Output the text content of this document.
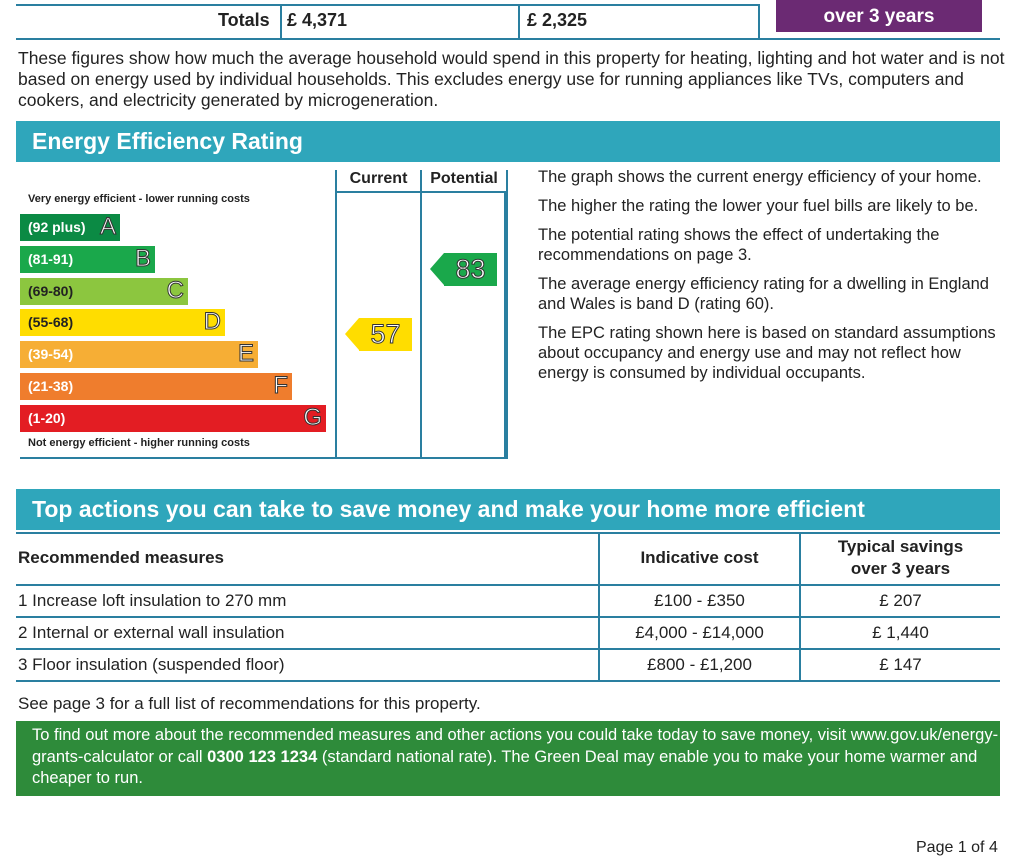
Totals £ 4,371	£ 2,325	over 3 years
These figures show how much the average household would spend in this property for heating, lighting and hot water and is not based on energy used by individual households. This excludes energy use for running appliances like TVs, computers and cookers, and electricity generated by microgeneration.
Energy Efficiency Rating
Current	Potential
Very energy efficient - lower running costs
Not energy efficient - higher running costs
(92 plus) A
(81-91)	B
(69-80)	C
(55-68)	D
(39-54)	E
(21-38)	F
(1-20)	G
57
83

The graph shows the current energy efficiency of your home.

The higher the rating the lower your fuel bills are likely to be.

The potential rating shows the effect of undertaking the recommendations on page 3.

The average energy efficiency rating for a dwelling in England and Wales is band D (rating 60).

The EPC rating shown here is based on standard assumptions about occupancy and energy use and may not reflect how energy is consumed by individual occupants.

Top actions you can take to save money and make your home more efficient
Recommended measures	Indicative cost
Typical savings
over 3 years
1 Increase loft insulation to 270 mm	£100 - £350	£ 207
2 Internal or external wall insulation	£4,000 - £14,000	£ 1,440
3 Floor insulation (suspended floor)	£800 - £1,200	£ 147
See page 3 for a full list of recommendations for this property.
To find out more about the recommended measures and other actions you could take today to save money, visit www.gov.uk/energy-grants-calculator or call 0300 123 1234 (standard national rate). The Green Deal may enable you to make your home warmer and cheaper to run.
Page 1 of 4
